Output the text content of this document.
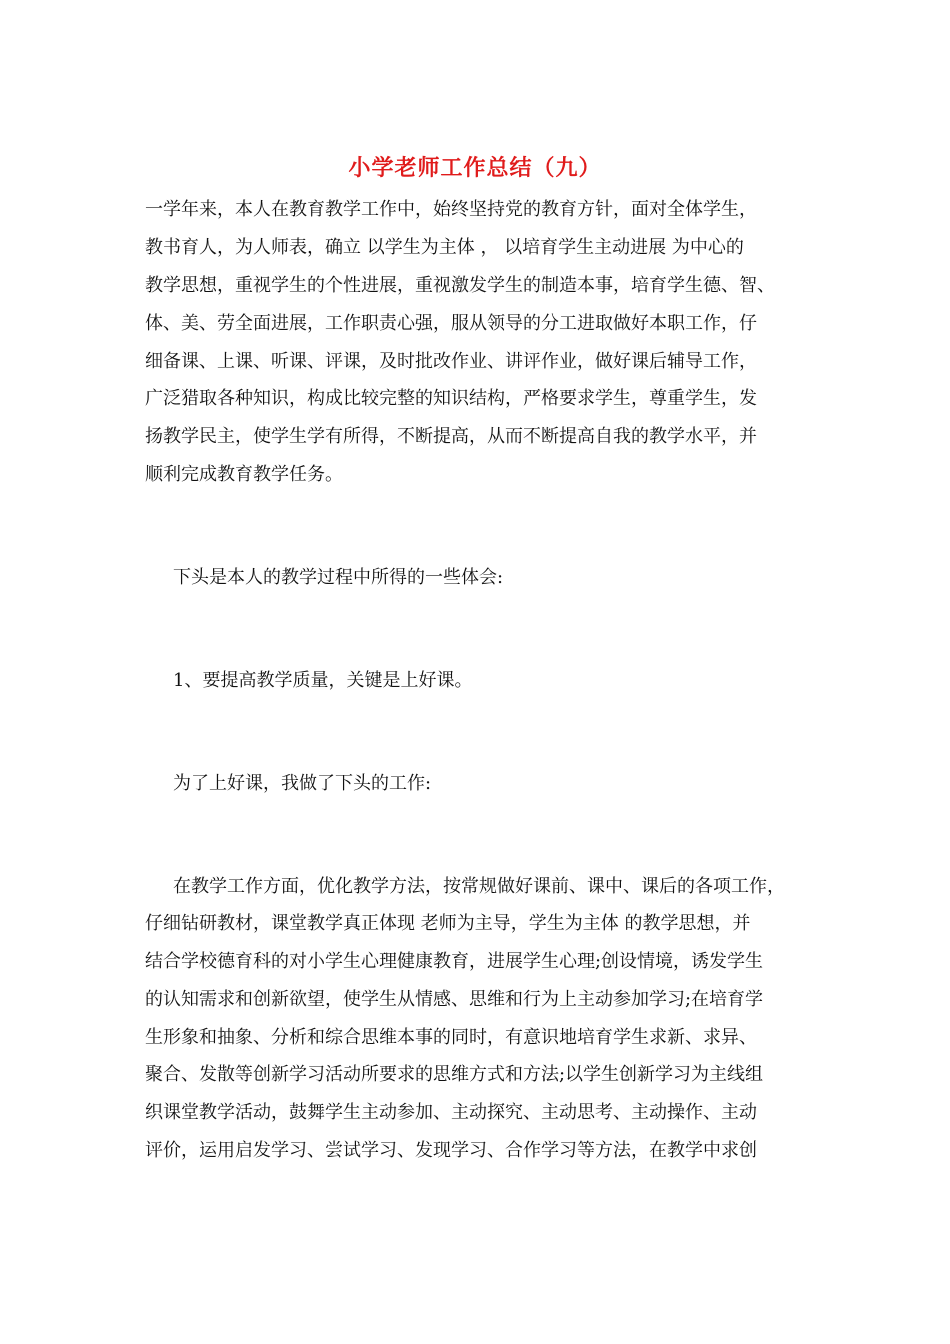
小学老师工作总结（九）
一学年来，本人在教育教学工作中，始终坚持党的教育方针，面对全体学生，
教书育人，为人师表，确立 以学生为主体 ， 以培育学生主动进展 为中心的
教学思想，重视学生的个性进展，重视激发学生的制造本事，培育学生德、智、
体、美、劳全面进展，工作职责心强，服从领导的分工进取做好本职工作，仔
细备课、上课、听课、评课，及时批改作业、讲评作业，做好课后辅导工作，
广泛猎取各种知识，构成比较完整的知识结构，严格要求学生，尊重学生，发
扬教学民主，使学生学有所得，不断提高，从而不断提高自我的教学水平，并
顺利完成教育教学任务。
下头是本人的教学过程中所得的一些体会:
1、要提高教学质量，关键是上好课。
为了上好课，我做了下头的工作:
在教学工作方面，优化教学方法，按常规做好课前、课中、课后的各项工作，
仔细钻研教材，课堂教学真正体现 老师为主导，学生为主体 的教学思想，并
结合学校德育科的对小学生心理健康教育，进展学生心理;创设情境，诱发学生
的认知需求和创新欲望，使学生从情感、思维和行为上主动参加学习;在培育学
生形象和抽象、分析和综合思维本事的同时，有意识地培育学生求新、求异、
聚合、发散等创新学习活动所要求的思维方式和方法;以学生创新学习为主线组
织课堂教学活动，鼓舞学生主动参加、主动探究、主动思考、主动操作、主动
评价，运用启发学习、尝试学习、发现学习、合作学习等方法，在教学中求创
